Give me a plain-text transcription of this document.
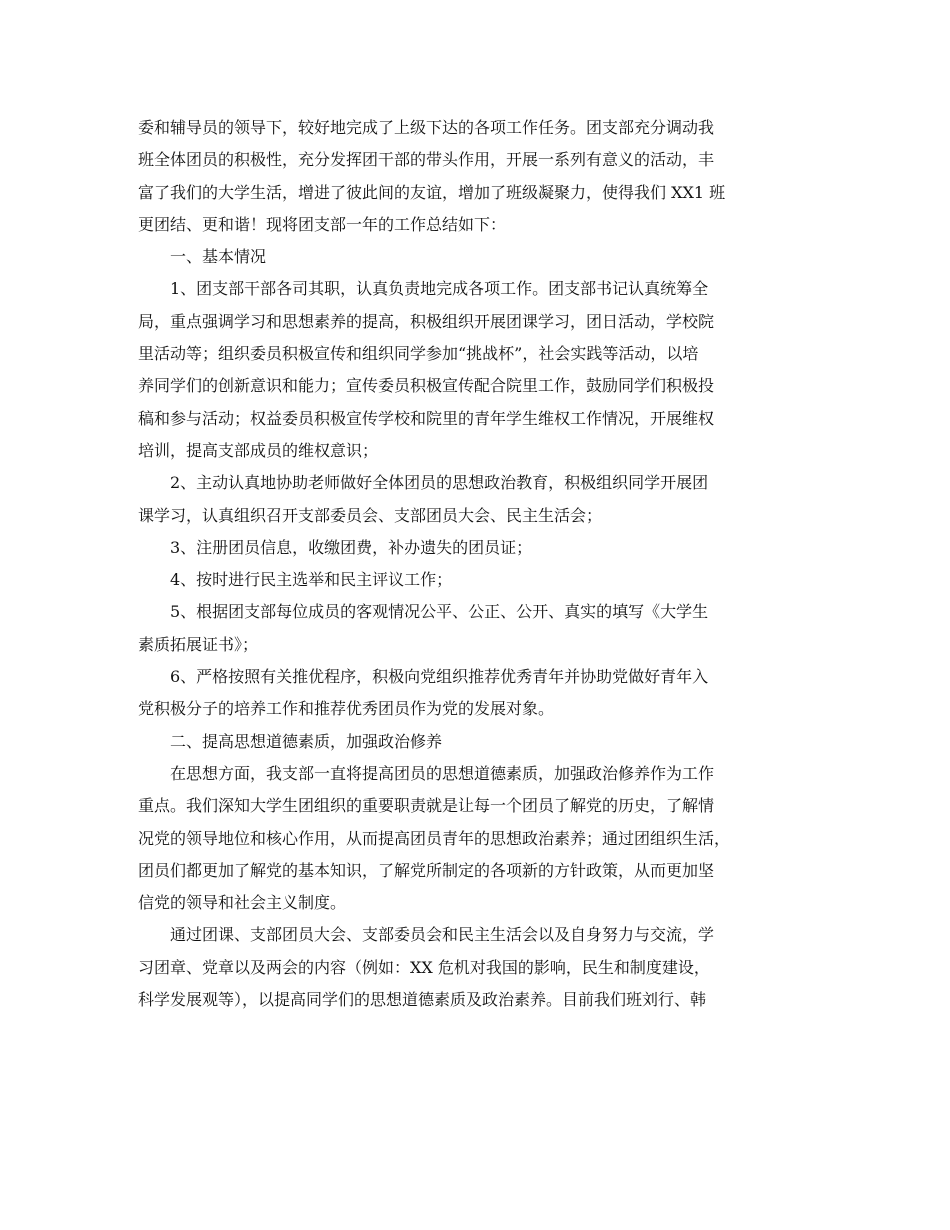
委和辅导员的领导下，较好地完成了上级下达的各项工作任务。团支部充分调动我
班全体团员的积极性，充分发挥团干部的带头作用，开展一系列有意义的活动，丰
富了我们的大学生活，增进了彼此间的友谊，增加了班级凝聚力，使得我们 XX1 班
更团结、更和谐！现将团支部一年的工作总结如下：
一、基本情况
1、团支部干部各司其职，认真负责地完成各项工作。团支部书记认真统筹全
局，重点强调学习和思想素养的提高，积极组织开展团课学习，团日活动，学校院
里活动等；组织委员积极宣传和组织同学参加“挑战杯”，社会实践等活动，以培
养同学们的创新意识和能力；宣传委员积极宣传配合院里工作，鼓励同学们积极投
稿和参与活动；权益委员积极宣传学校和院里的青年学生维权工作情况，开展维权
培训，提高支部成员的维权意识；
2、主动认真地协助老师做好全体团员的思想政治教育，积极组织同学开展团
课学习，认真组织召开支部委员会、支部团员大会、民主生活会；
3、注册团员信息，收缴团费，补办遗失的团员证；
4、按时进行民主选举和民主评议工作；
5、根据团支部每位成员的客观情况公平、公正、公开、真实的填写《大学生
素质拓展证书》；
6、严格按照有关推优程序，积极向党组织推荐优秀青年并协助党做好青年入
党积极分子的培养工作和推荐优秀团员作为党的发展对象。
二、提高思想道德素质，加强政治修养
在思想方面，我支部一直将提高团员的思想道德素质，加强政治修养作为工作
重点。我们深知大学生团组织的重要职责就是让每一个团员了解党的历史，了解情
况党的领导地位和核心作用，从而提高团员青年的思想政治素养；通过团组织生活，
团员们都更加了解党的基本知识，了解党所制定的各项新的方针政策，从而更加坚
信党的领导和社会主义制度。
通过团课、支部团员大会、支部委员会和民主生活会以及自身努力与交流，学
习团章、党章以及两会的内容（例如：XX 危机对我国的影响，民生和制度建设，
科学发展观等），以提高同学们的思想道德素质及政治素养。目前我们班刘行、韩
